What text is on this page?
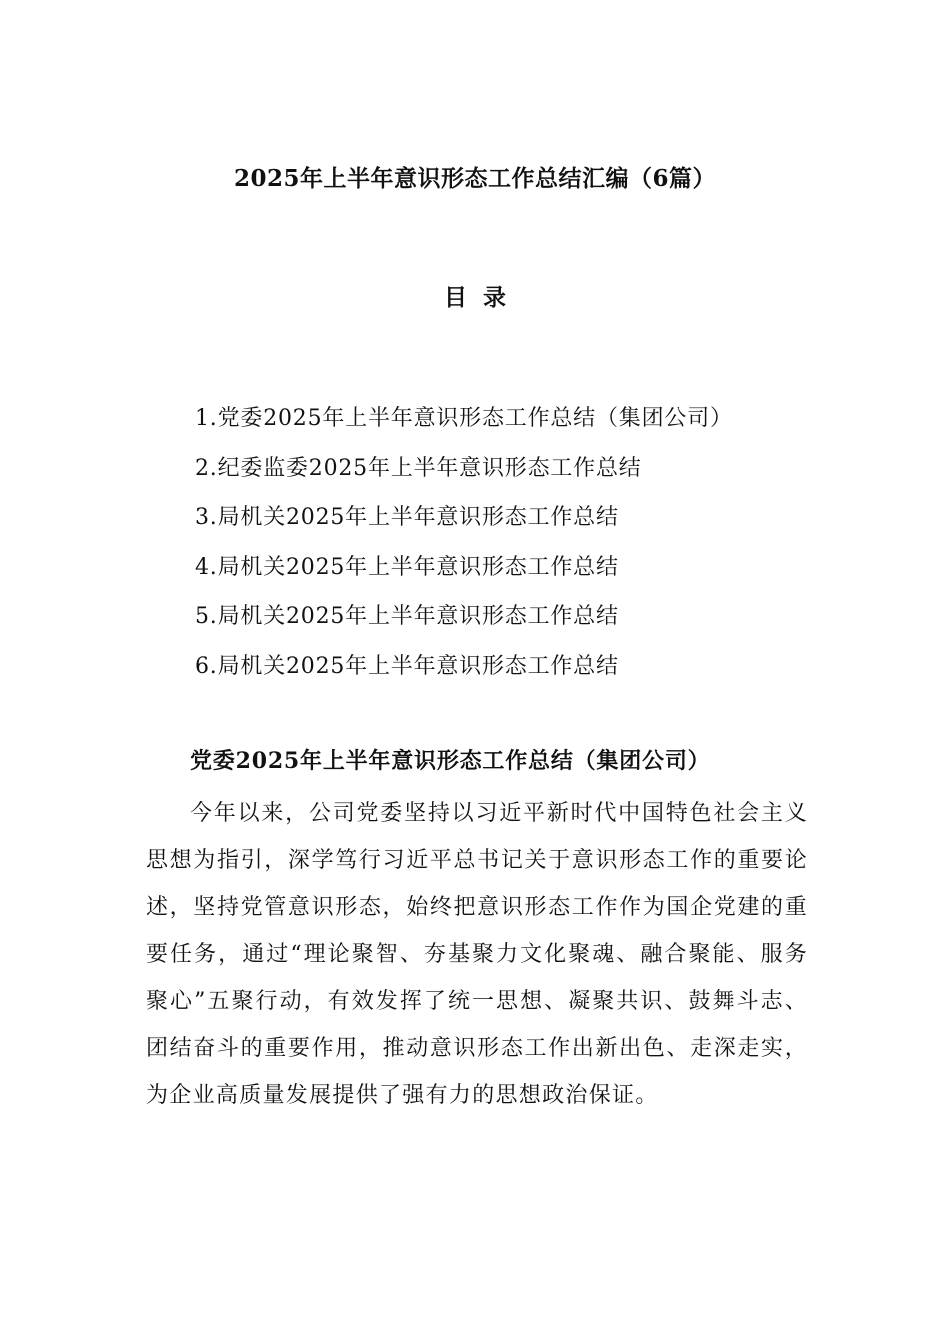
2025年上半年意识形态工作总结汇编（6篇）
目  录
1.党委2025年上半年意识形态工作总结（集团公司）
2.纪委监委2025年上半年意识形态工作总结
3.局机关2025年上半年意识形态工作总结
4.局机关2025年上半年意识形态工作总结
5.局机关2025年上半年意识形态工作总结
6.局机关2025年上半年意识形态工作总结
党委2025年上半年意识形态工作总结（集团公司）

今年以来，公司党委坚持以习近平新时代中国特色社会主义思想为指引，深学笃行习近平总书记关于意识形态工作的重要论述，坚持党管意识形态，始终把意识形态工作作为国企党建的重要任务，通过“理论聚智、夯基聚力文化聚魂、融合聚能、服务聚心”五聚行动，有效发挥了统一思想、凝聚共识、鼓舞斗志、团结奋斗的重要作用，推动意识形态工作出新出色、走深走实，为企业高质量发展提供了强有力的思想政治保证。
